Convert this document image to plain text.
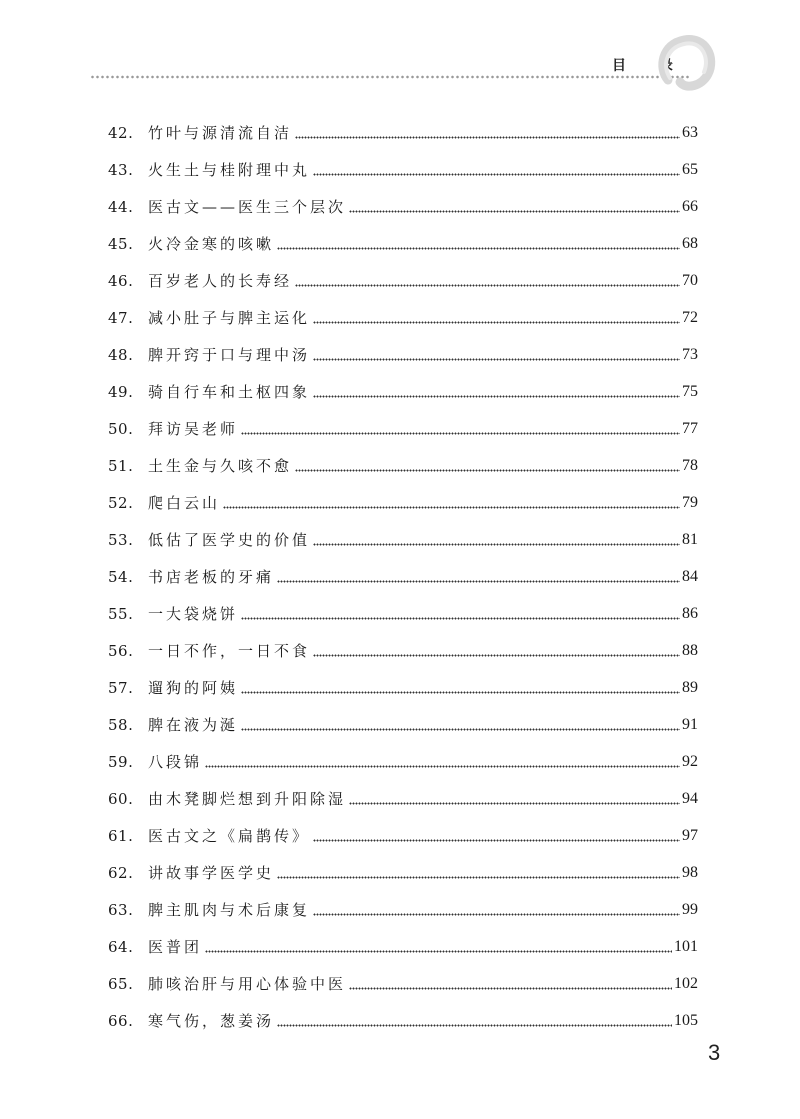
目 录
42. 竹叶与源清流自洁	63
43. 火生土与桂附理中丸	65
44. 医古文——医生三个层次	66
45. 火冷金寒的咳嗽	68
46. 百岁老人的长寿经	70
47. 减小肚子与脾主运化	72
48. 脾开窍于口与理中汤	73
49. 骑自行车和土枢四象	75
50. 拜访吴老师	77
51. 土生金与久咳不愈	78
52. 爬白云山	79
53. 低估了医学史的价值	81
54. 书店老板的牙痛	84
55. 一大袋烧饼	86
56. 一日不作，一日不食	88
57. 遛狗的阿姨	89
58. 脾在液为涎	91
59. 八段锦	92
60. 由木凳脚烂想到升阳除湿	94
61. 医古文之《扁鹊传》	97
62. 讲故事学医学史	98
63. 脾主肌肉与术后康复	99
64. 医普团	101
65. 肺咳治肝与用心体验中医	102
66. 寒气伤，葱姜汤	105
3
